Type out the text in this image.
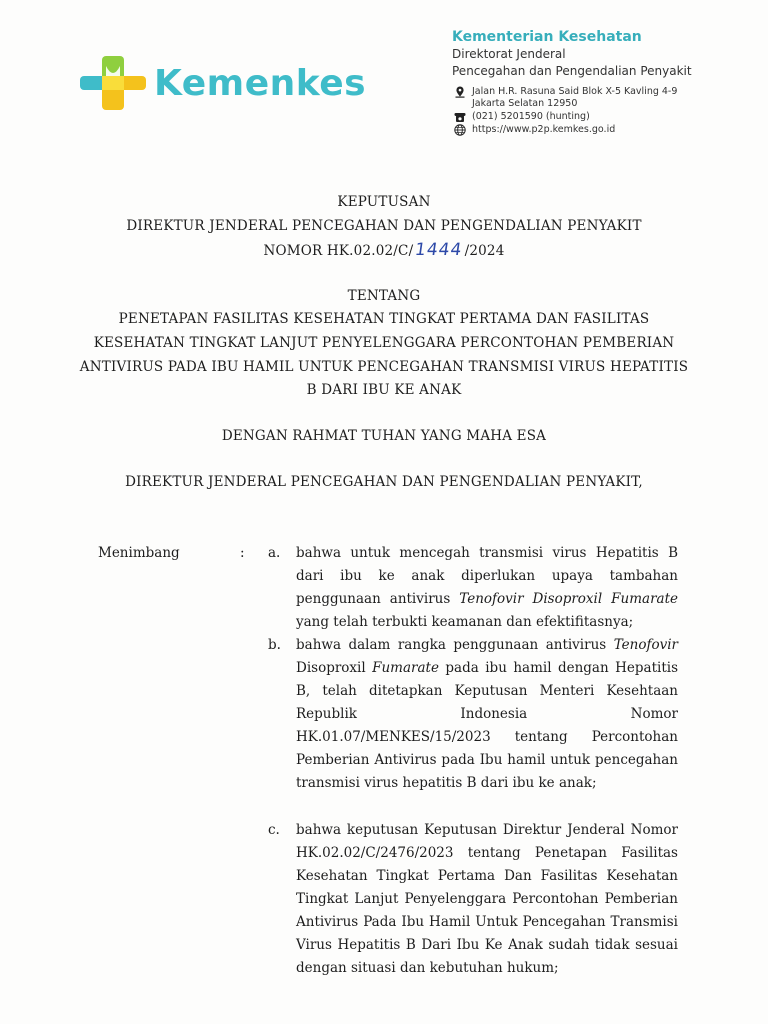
Kemenkes
Kementerian Kesehatan
Direktorat Jenderal
Pencegahan dan Pengendalian Penyakit
Jalan H.R. Rasuna Said Blok X-5 Kavling 4-9
Jakarta Selatan 12950
(021) 5201590 (hunting)
https://www.p2p.kemkes.go.id
KEPUTUSAN
DIREKTUR JENDERAL PENCEGAHAN DAN PENGENDALIAN PENYAKIT
NOMOR HK.02.02/C/1444/2024
TENTANG
PENETAPAN FASILITAS KESEHATAN TINGKAT PERTAMA DAN FASILITAS
KESEHATAN TINGKAT LANJUT PENYELENGGARA PERCONTOHAN PEMBERIAN
ANTIVIRUS PADA IBU HAMIL UNTUK PENCEGAHAN TRANSMISI VIRUS HEPATITIS
B DARI IBU KE ANAK
DENGAN RAHMAT TUHAN YANG MAHA ESA
DIREKTUR JENDERAL PENCEGAHAN DAN PENGENDALIAN PENYAKIT,
Menimbang	: a. bahwa untuk mencegah transmisi virus Hepatitis B dari ibu ke anak diperlukan upaya tambahan penggunaan antivirus Tenofovir Disoproxil Fumarate yang telah terbukti keamanan dan efektifitasnya;
b. bahwa dalam rangka penggunaan antivirus Tenofovir Disoproxil Fumarate pada ibu hamil dengan Hepatitis B, telah ditetapkan Keputusan Menteri Kesehtaan Republik Indonesia Nomor HK.01.07/MENKES/15/2023 tentang Percontohan Pemberian Antivirus pada Ibu hamil untuk pencegahan transmisi virus hepatitis B dari ibu ke anak;
c. bahwa keputusan Keputusan Direktur Jenderal Nomor HK.02.02/C/2476/2023 tentang Penetapan Fasilitas Kesehatan Tingkat Pertama Dan Fasilitas Kesehatan Tingkat Lanjut Penyelenggara Percontohan Pemberian Antivirus Pada Ibu Hamil Untuk Pencegahan Transmisi Virus Hepatitis B Dari Ibu Ke Anak sudah tidak sesuai dengan situasi dan kebutuhan hukum;
